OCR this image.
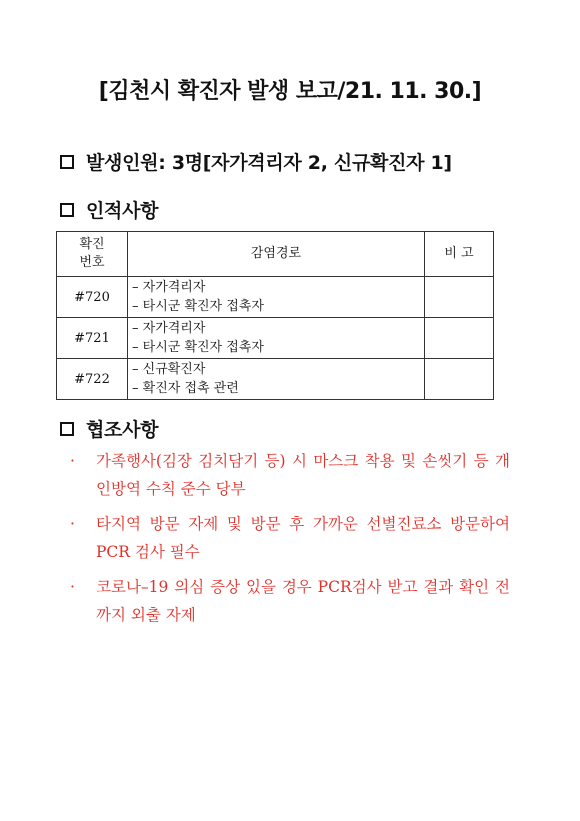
[김천시 확진자 발생 보고/21. 11. 30.]
발생인원: 3명[자가격리자 2, 신규확진자 1]
인적사항
확진
번호	감염경로	비 고
#720	– 자가격리자
– 타시군 확진자 접촉자	

#721	– 자가격리자
– 타시군 확진자 접촉자	

#722	– 신규확진자
– 확진자 접촉 관련	

협조사항
·	가족행사(김장 김치담기 등) 시 마스크 착용 및 손씻기 등 개인방역 수칙 준수 당부
·	타지역 방문 자제 및 방문 후 가까운 선별진료소 방문하여 PCR 검사 필수
·	코로나–19 의심 증상 있을 경우 PCR검사 받고 결과 확인 전까지 외출 자제
